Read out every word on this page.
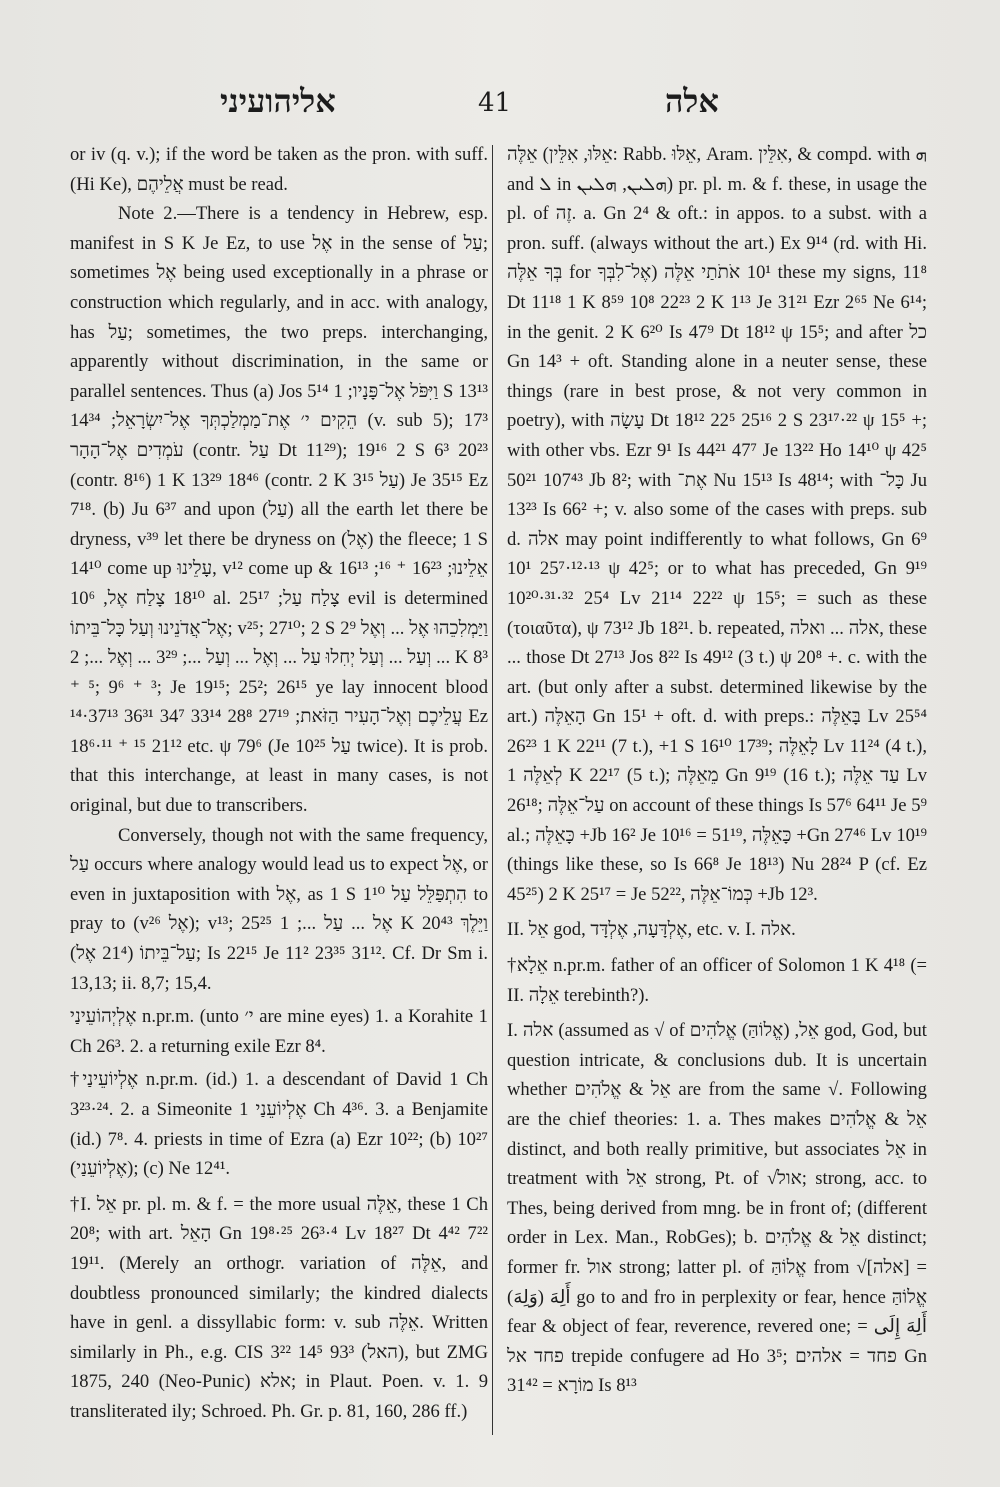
אליהועיני	41	אלה

or iv (q. v.); if the word be taken as the pron. with suff. (Hi Ke), אֲלֵיהֶם must be read.

Note 2.—There is a tendency in Hebrew, esp. manifest in S K Je Ez, to use אֶל in the sense of עַל; sometimes אֶל being used exceptionally in a phrase or construction which regularly, and in acc. with analogy, has עַל; sometimes, the two preps. interchanging, apparently without discrimination, in the same or parallel sentences. Thus (a) Jos 5¹⁴ וַיִּפֹּל אֶל־פָּנָיו; 1 S 13¹³ הֵקִים י׳ אֶת־מַמְלַכְתְּךָ אֶל־יִשְׂרָאֵל; 14³⁴ (v. sub 5); 17³ עֹמְדִים אֶל־הָהָר (contr. עַל Dt 11²⁹); 19¹⁶ 2 S 6³ 20²³ (contr. 8¹⁶) 1 K 13²⁹ 18⁴⁶ (contr. 2 K 3¹⁵ עַל) Je 35¹⁵ Ez 7¹⁸. (b) Ju 6³⁷ and upon (עַל) all the earth let there be dryness, v³⁹ let there be dryness on (אֶל) the fleece; 1 S 14¹⁰ come up עָלֵינוּ, v¹² come up אֵלֵינוּ; 16²³ ⁺ ¹⁶; 16¹³ & 18¹⁰ צָלַח אֶל, 10⁶ al. צָלַח עַל; 25¹⁷ evil is determined אֶל־אֲדֹנֵינוּ וְעַל כָּל־בֵּיתוֹ; v²⁵; 27¹⁰; 2 S 2⁹ וַיַּמְלִכֵהוּ אֶל ... וְאֶל ... וְעַל ... וְעַל יְחִלוּ עַל ... וְאֶל ... וְעַל ...; 3²⁹ ... וְאֶל ...; 2 K 8³ ⁺ ⁵; 9⁶ ⁺ ³; Je 19¹⁵; 25²; 26¹⁵ ye lay innocent blood עֲלֵיכֶם וְאֶל־הָעִיר הַזֹּאת; 27¹⁹ 28⁸ 33¹⁴ 34⁷ 36³¹ 37¹³·¹⁴ Ez 18⁶·¹¹ ⁺ ¹⁵ 21¹² etc. ψ 79⁶ (Je 10²⁵ עַל twice). It is prob. that this interchange, at least in many cases, is not original, but due to transcribers.

Conversely, though not with the same frequency, עַל occurs where analogy would lead us to expect אֶל, or even in juxtaposition with אֶל, as 1 S 1¹⁰ הִתְפַּלֵּל עַל to pray to (v²⁶ אֶל); v¹³; 25²⁵ אֶל ... עַל ...; 1 K 20⁴³ וַיֵּלֶךְ עַל־בֵּיתוֹ (21⁴ אֶל); Is 22¹⁵ Je 11² 23³⁵ 31¹². Cf. Dr Sm i. 13,13; ii. 8,7; 15,4.

אֶלְיְהוֹעֵינַי n.pr.m. (unto י׳ are mine eyes) 1. a Korahite 1 Ch 26³. 2. a returning exile Ezr 8⁴.

†אֶלְיוֹעֵינַי n.pr.m. (id.) 1. a descendant of David 1 Ch 3²³·²⁴. 2. a Simeonite אֶלְיוֹעֵנַי 1 Ch 4³⁶. 3. a Benjamite (id.) 7⁸. 4. priests in time of Ezra (a) Ezr 10²²; (b) 10²⁷ (אֶלְיוֹעֵנַי); (c) Ne 12⁴¹.

†I. אֵל pr. pl. m. & f. = the more usual אֵלֶּה, these 1 Ch 20⁸; with art. הָאֵל Gn 19⁸·²⁵ 26³·⁴ Lv 18²⁷ Dt 4⁴² 7²² 19¹¹. (Merely an orthogr. variation of אֵלֶּה, and doubtless pronounced similarly; the kindred dialects have in genl. a dissyllabic form: v. sub אֵלֶּה. Written similarly in Ph., e.g. CIS 3²² 14⁵ 93³ (האל), but ZMG 1875, 240 (Neo-Punic) אלא; in Plaut. Poen. v. 1. 9 transliterated ily; Schroed. Ph. Gr. p. 81, 160, 286 ff.)

אֵלֶּה (אֵלּוּ, אִלֵּין: Rabb. אֵלּוּ, Aram. אִלֵּין, & compd. with ܗ and ܠ in ܗܠܝܢ, ܗܠܝܢ) pr. pl. m. & f. these, in usage the pl. of זֶה. a. Gn 2⁴ & oft.: in appos. to a subst. with a pron. suff. (always without the art.) Ex 9¹⁴ (rd. with Hi. בְּךָ אֵלֶּה for אֶל־לִבְּךָ) 10¹ אֹתֹתַי אֵלֶּה these my signs, 11⁸ Dt 11¹⁸ 1 K 8⁵⁹ 10⁸ 22²³ 2 K 1¹³ Je 31²¹ Ezr 2⁶⁵ Ne 6¹⁴; in the genit. 2 K 6²⁰ Is 47⁹ Dt 18¹² ψ 15⁵; and after כל Gn 14³ + oft. Standing alone in a neuter sense, these things (rare in best prose, & not very common in poetry), with עָשָׂה Dt 18¹² 22⁵ 25¹⁶ 2 S 23¹⁷·²² ψ 15⁵ +; with other vbs. Ezr 9¹ Is 44²¹ 47⁷ Je 13²² Ho 14¹⁰ ψ 42⁵ 50²¹ 107⁴³ Jb 8²; with אֶת־ Nu 15¹³ Is 48¹⁴; with כָּל־ Ju 13²³ Is 66² +; v. also some of the cases with preps. sub d. אלה may point indifferently to what follows, Gn 6⁹ 10¹ 25⁷·¹²·¹³ ψ 42⁵; or to what has preceded, Gn 9¹⁹ 10²⁰·³¹·³² 25⁴ Lv 21¹⁴ 22²² ψ 15⁵; = such as these (τοιαῦτα), ψ 73¹² Jb 18²¹. b. repeated, אלה ... ואלה, these ... those Dt 27¹³ Jos 8²² Is 49¹² (3 t.) ψ 20⁸ +. c. with the art. (but only after a subst. determined likewise by the art.) הָאֵלֶּה Gn 15¹ + oft. d. with preps.: בָּאֵלֶּה Lv 25⁵⁴ 26²³ 1 K 22¹¹ (7 t.), +1 S 16¹⁰ 17³⁹; לָאֵלֶּה Lv 11²⁴ (4 t.), לְאֵלֶּה 1 K 22¹⁷ (5 t.); מֵאֵלֶּה Gn 9¹⁹ (16 t.); עַד אֵלֶּה Lv 26¹⁸; עַל־אֵלֶּה on account of these things Is 57⁶ 64¹¹ Je 5⁹ al.; כָּאֵלֶּה +Jb 16² Je 10¹⁶ = 51¹⁹, כָּאֵלֶּה +Gn 27⁴⁶ Lv 10¹⁹ (things like these, so Is 66⁸ Je 18¹³) Nu 28²⁴ P (cf. Ez 45²⁵) 2 K 25¹⁷ = Je 52²², כְּמוֹ־אֵלֶּה +Jb 12³.

II. אֵל god, אֶלְדָּעָה, אֶלְדָּד, etc. v. I. אלה.

†אֵלָא n.pr.m. father of an officer of Solomon 1 K 4¹⁸ (= II. אֵלָה terebinth?).

I. אלה (assumed as √ of אֵל, (אֱלוֹהַּ) אֱלֹהִים god, God, but question intricate, & conclusions dub. It is uncertain whether אֵל & אֱלֹהִים are from the same √. Following are the chief theories: 1. a. Thes makes אֵל & אֱלֹהִים distinct, and both really primitive, but associates אֵל in treatment with אֵל strong, Pt. of √אול; strong, acc. to Thes, being derived from mng. be in front of; (different order in Lex. Man., RobGes); b. אֵל & אֱלֹהִים distinct; former fr. אול strong; latter pl. of אֱלוֹהַּ from √[אלה] = أَلِهَ (وَلِهَ) go to and fro in perplexity or fear, hence אֱלוֹהַּ fear & object of fear, reverence, revered one; أَلِهَ إِلَى = פחד אל trepide confugere ad Ho 3⁵; פחד = אלהים Gn 31⁴² = מוֹרָא Is 8¹³
